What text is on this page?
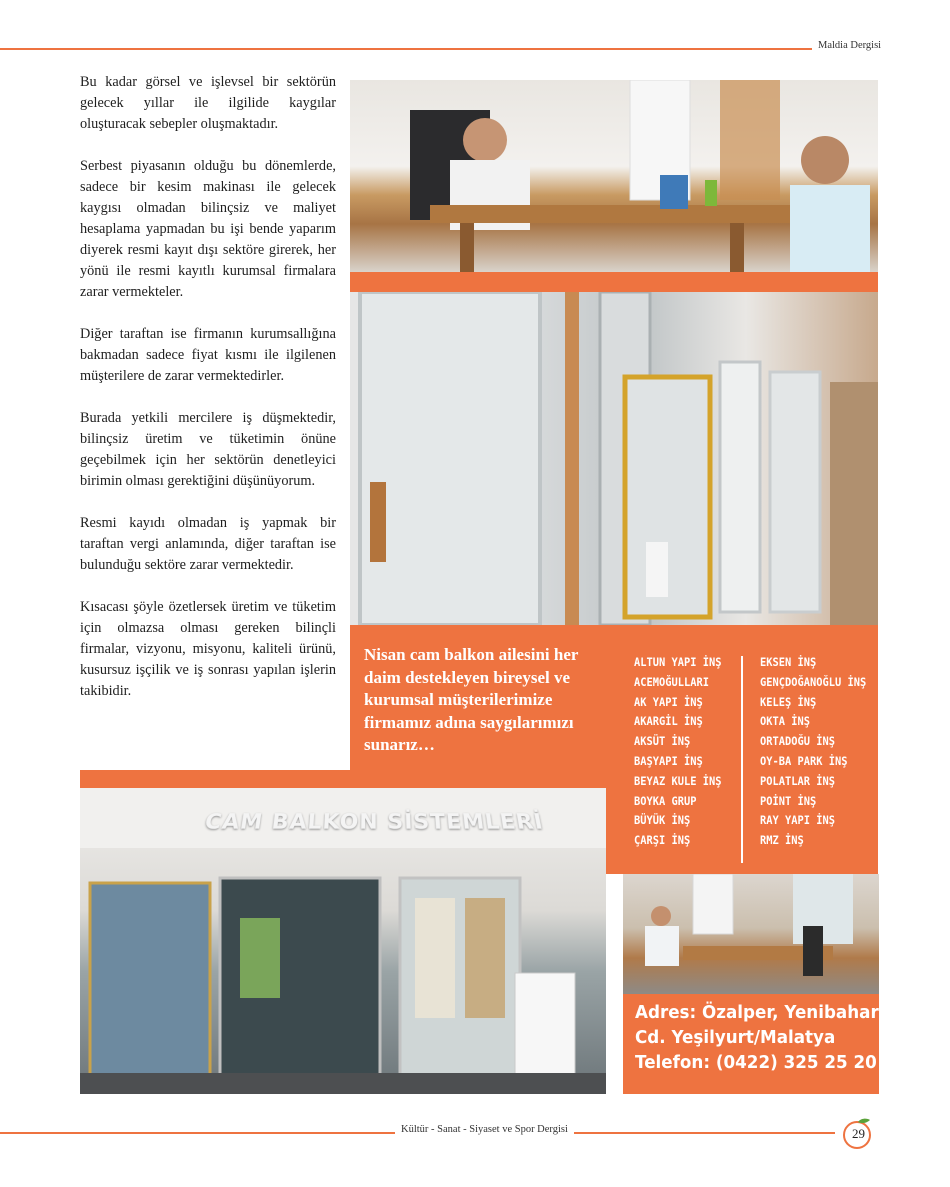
Maldia Dergisi

Bu kadar görsel ve işlevsel bir sektörün gelecek yıllar ile ilgilide kaygılar oluşturacak sebepler oluşmaktadır.

Serbest piyasanın olduğu bu dönemlerde, sadece bir kesim makinası ile gelecek kaygısı olmadan bilinçsiz ve maliyet hesaplama yapmadan bu işi bende yaparım diyerek resmi kayıt dışı sektöre girerek, her yönü ile resmi kayıtlı kurumsal firmalara zarar vermekteler.

Diğer taraftan ise firmanın kurumsallığına bakmadan sadece fiyat kısmı ile ilgilenen müşterilere de zarar vermektedirler.

Burada yetkili mercilere iş düşmektedir, bilinçsiz üretim ve tüketimin önüne geçebilmek için her sektörün denetleyici birimin olması gerektiğini düşünüyorum.

Resmi kayıdı olmadan iş yapmak bir taraftan vergi anlamında, diğer taraftan ise bulunduğu sektöre zarar vermektedir.

Kısacası şöyle özetlersek üretim ve tüketim için olmazsa olması gereken bilinçli firmalar, vizyonu, misyonu, kaliteli ürünü, kusursuz işçilik ve iş sonrası yapılan işlerin takibidir.

Nisan cam balkon ailesini her daim destekleyen bireysel ve kurumsal müşterilerimize firmamız adına saygılarımızı sunarız…
ALTUN YAPI İNŞ
ACEMOĞULLARI
AK YAPI İNŞ
AKARGİL İNŞ
AKSÜT İNŞ
BAŞYAPI İNŞ
BEYAZ KULE İNŞ
BOYKA GRUP
BÜYÜK İNŞ
ÇARŞI İNŞ
EKSEN İNŞ
GENÇDOĞANOĞLU İNŞ
KELEŞ İNŞ
OKTA İNŞ
ORTADOĞU İNŞ
OY-BA PARK İNŞ
POLATLAR İNŞ
POİNT İNŞ
RAY YAPI İNŞ
RMZ İNŞ
CAM BALKON SİSTEMLERİ
Adres: Özalper, Yenibahar
Cd. Yeşilyurt/Malatya
Telefon: (0422) 325 25 20
Kültür - Sanat - Siyaset ve Spor Dergisi	29
